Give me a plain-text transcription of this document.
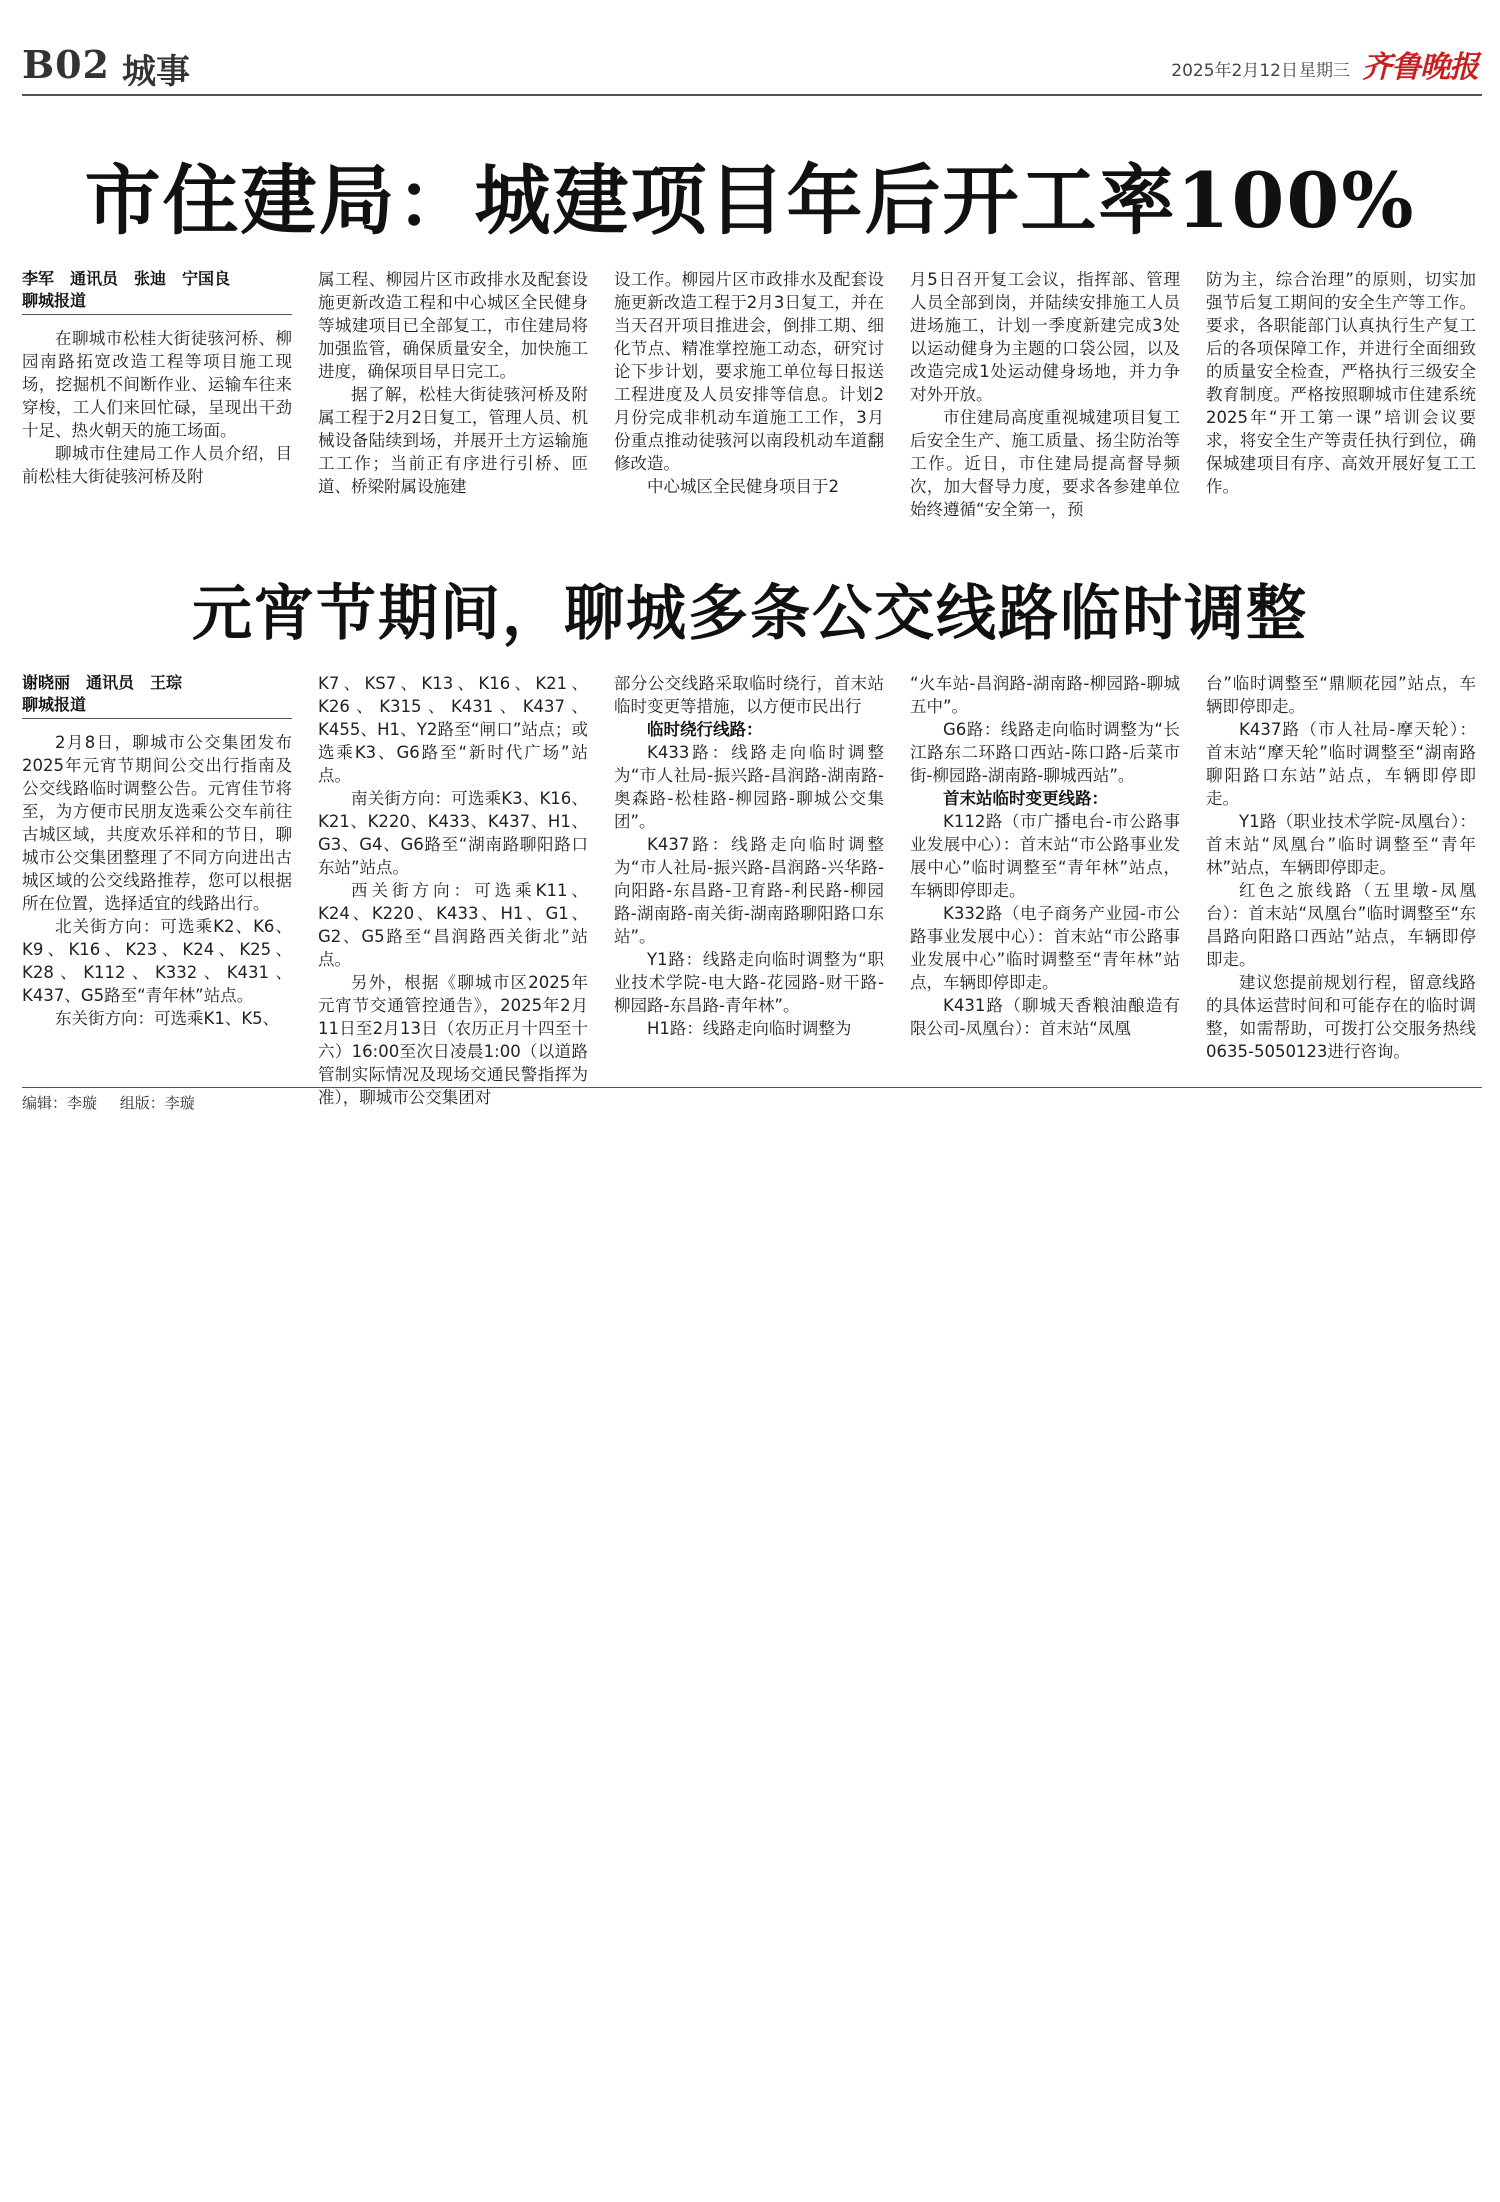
B02 城事	2025年2月12日 星期三 齐鲁晚报
市住建局：城建项目年后开工率100%

李军　通讯员　张迪　宁国良

聊城报道

在聊城市松桂大街徒骇河桥、柳园南路拓宽改造工程等项目施工现场，挖掘机不间断作业、运输车往来穿梭，工人们来回忙碌，呈现出干劲十足、热火朝天的施工场面。

聊城市住建局工作人员介绍，目前松桂大街徒骇河桥及附

属工程、柳园片区市政排水及配套设施更新改造工程和中心城区全民健身等城建项目已全部复工，市住建局将加强监管，确保质量安全，加快施工进度，确保项目早日完工。

据了解，松桂大街徒骇河桥及附属工程于2月2日复工，管理人员、机械设备陆续到场，并展开土方运输施工工作；当前正有序进行引桥、匝道、桥梁附属设施建

设工作。柳园片区市政排水及配套设施更新改造工程于2月3日复工，并在当天召开项目推进会，倒排工期、细化节点、精准掌控施工动态，研究讨论下步计划，要求施工单位每日报送工程进度及人员安排等信息。计划2月份完成非机动车道施工工作，3月份重点推动徒骇河以南段机动车道翻修改造。

中心城区全民健身项目于2

月5日召开复工会议，指挥部、管理人员全部到岗，并陆续安排施工人员进场施工，计划一季度新建完成3处以运动健身为主题的口袋公园，以及改造完成1处运动健身场地，并力争对外开放。

市住建局高度重视城建项目复工后安全生产、施工质量、扬尘防治等工作。近日，市住建局提高督导频次，加大督导力度，要求各参建单位始终遵循“安全第一，预

防为主，综合治理”的原则，切实加强节后复工期间的安全生产等工作。要求，各职能部门认真执行生产复工后的各项保障工作，并进行全面细致的质量安全检查，严格执行三级安全教育制度。严格按照聊城市住建系统2025年“开工第一课”培训会议要求，将安全生产等责任执行到位，确保城建项目有序、高效开展好复工工作。

元宵节期间，聊城多条公交线路临时调整

谢晓丽　通讯员　王琮

聊城报道

2月8日，聊城市公交集团发布2025年元宵节期间公交出行指南及公交线路临时调整公告。元宵佳节将至，为方便市民朋友选乘公交车前往古城区域，共度欢乐祥和的节日，聊城市公交集团整理了不同方向进出古城区域的公交线路推荐，您可以根据所在位置，选择适宜的线路出行。

北关街方向：可选乘K2、K6、K9、K16、K23、K24、K25、K28、K112、K332、K431、K437、G5路至“青年林”站点。

东关街方向：可选乘K1、K5、

K7、KS7、K13、K16、K21、K26、K315、K431、K437、K455、H1、Y2路至“闸口”站点；或选乘K3、G6路至“新时代广场”站点。

南关街方向：可选乘K3、K16、K21、K220、K433、K437、H1、G3、G4、G6路至“湖南路聊阳路口东站”站点。

西关街方向：可选乘K11、K24、K220、K433、H1、G1、G2、G5路至“昌润路西关街北”站点。

另外，根据《聊城市区2025年元宵节交通管控通告》，2025年2月11日至2月13日（农历正月十四至十六）16:00至次日凌晨1:00（以道路管制实际情况及现场交通民警指挥为准），聊城市公交集团对

部分公交线路采取临时绕行，首末站临时变更等措施，以方便市民出行

临时绕行线路：

K433路：线路走向临时调整为“市人社局-振兴路-昌润路-湖南路-奥森路-松桂路-柳园路-聊城公交集团”。

K437路：线路走向临时调整为“市人社局-振兴路-昌润路-兴华路-向阳路-东昌路-卫育路-利民路-柳园路-湖南路-南关街-湖南路聊阳路口东站”。

Y1路：线路走向临时调整为“职业技术学院-电大路-花园路-财干路-柳园路-东昌路-青年林”。

H1路：线路走向临时调整为

“火车站-昌润路-湖南路-柳园路-聊城五中”。

G6路：线路走向临时调整为“长江路东二环路口西站-陈口路-后菜市街-柳园路-湖南路-聊城西站”。

首末站临时变更线路：

K112路（市广播电台-市公路事业发展中心）：首末站“市公路事业发展中心”临时调整至“青年林”站点，车辆即停即走。

K332路（电子商务产业园-市公路事业发展中心）：首末站“市公路事业发展中心”临时调整至“青年林”站点，车辆即停即走。

K431路（聊城天香粮油酿造有限公司-凤凰台）：首末站“凤凰

台”临时调整至“鼎顺花园”站点，车辆即停即走。

K437路（市人社局-摩天轮）：首末站“摩天轮”临时调整至“湖南路聊阳路口东站”站点，车辆即停即走。

Y1路（职业技术学院-凤凰台）：首末站“凤凰台”临时调整至“青年林”站点，车辆即停即走。

红色之旅线路（五里墩-凤凰台）：首末站“凤凰台”临时调整至“东昌路向阳路口西站”站点，车辆即停即走。

建议您提前规划行程，留意线路的具体运营时间和可能存在的临时调整，如需帮助，可拨打公交服务热线0635-5050123进行咨询。

编辑：李璇 组版：李璇
